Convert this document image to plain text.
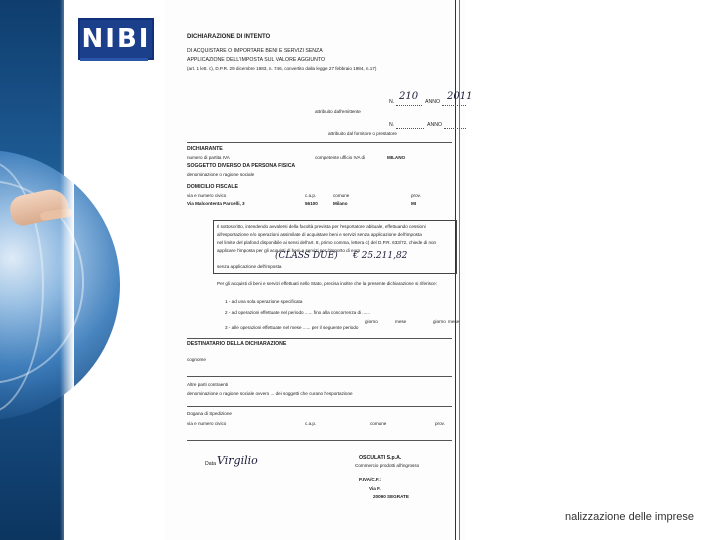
NIBI	DICHIARAZIONE DI INTENTO
DI ACQUISTARE O IMPORTARE BENI E SERVIZI SENZA
APPLICAZIONE DELL'IMPOSTA SUL VALORE AGGIUNTO
(art. 1 lett. c), D.P.R. 29 dicembre 1983, n. 746, convertito dalla legge 27 febbraio 1984, n.17)
N. 210 ANNO 2011
attribuito dall'emittente
N.	ANNO
attribuito dal fornitore o prestatore
DICHIARANTE
numero di partita IVA	competente ufficio IVA di	MILANO
SOGGETTO DIVERSO DA PERSONA FISICA
denominazione o ragione sociale
DOMICILIO FISCALE
via e numero civico	c.a.p.	comune	prov.
Via Malcontenta Parcelli, 3	56100	Milano	MI
Il sottoscritto, intendendo avvalersi della facoltà prevista per l'esportatore abituale, effettuando cessioni
all'esportazione e/o operazioni assimilate di acquistare beni e servizi senza applicazione dell'imposta
nel limite del plafond disponibile ai sensi dell'art. 8, primo comma, lettera c) del D.P.R. 633/72, chiede di non
applicare l'imposta per gli acquisti di beni e servizi per l'importo di euro
(CLASS DUE) € 25.211,82
senza applicazione dell'imposta
Per gli acquisti di beni e servizi effettuati nello Stato, precisa inoltre che la presente dichiarazione si riferisce:
1 - ad una sola operazione specificata
2 - ad operazioni effettuate nel periodo ...... fino alla concorrenza di ......
3 - alle operazioni effettuate nel mese ...... per il seguente periodo
giorno	mese	giorno mese
DESTINATARIO DELLA DICHIARAZIONE
cognome
Altre parti contraenti
denominazione o ragione sociale ovvero ... dei soggetti che curano l'esportazione
Dogana di Spedizione
via e numero civico	c.a.p.	comune	prov.
Data Virgilio	OSCULATI S.p.A.
Commercio prodotti all'ingrosso
P.IVA/C.F.:
Via F.
20090 SEGRATE
nalizzazione delle imprese
